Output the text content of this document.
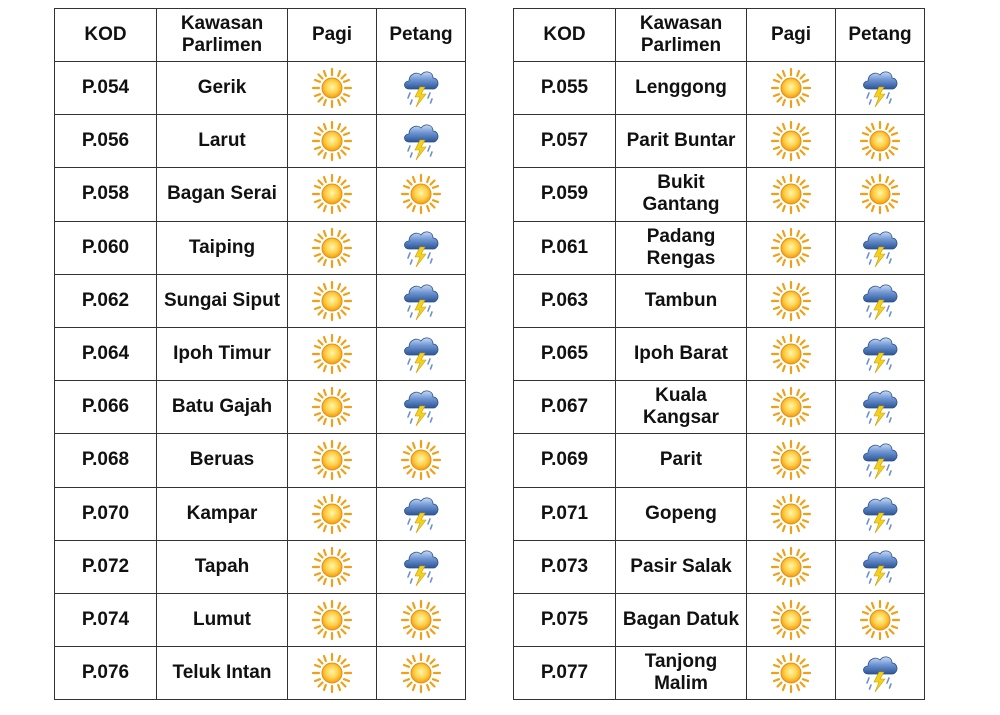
KOD	Kawasan Parlimen	Pagi	Petang
P.054	Gerik	

P.056	Larut	

P.058	Bagan Serai	

P.060	Taiping	

P.062	Sungai Siput	

P.064	Ipoh Timur	

P.066	Batu Gajah	

P.068	Beruas	

P.070	Kampar	

P.072	Tapah	

P.074	Lumut	

P.076	Teluk Intan	

KOD	Kawasan Parlimen	Pagi	Petang
P.055	Lenggong	

P.057	Parit Buntar	

P.059	Bukit Gantang	

P.061	Padang Rengas	

P.063	Tambun	

P.065	Ipoh Barat	

P.067	Kuala Kangsar	

P.069	Parit	

P.071	Gopeng	

P.073	Pasir Salak	

P.075	Bagan Datuk	

P.077	Tanjong Malim	
